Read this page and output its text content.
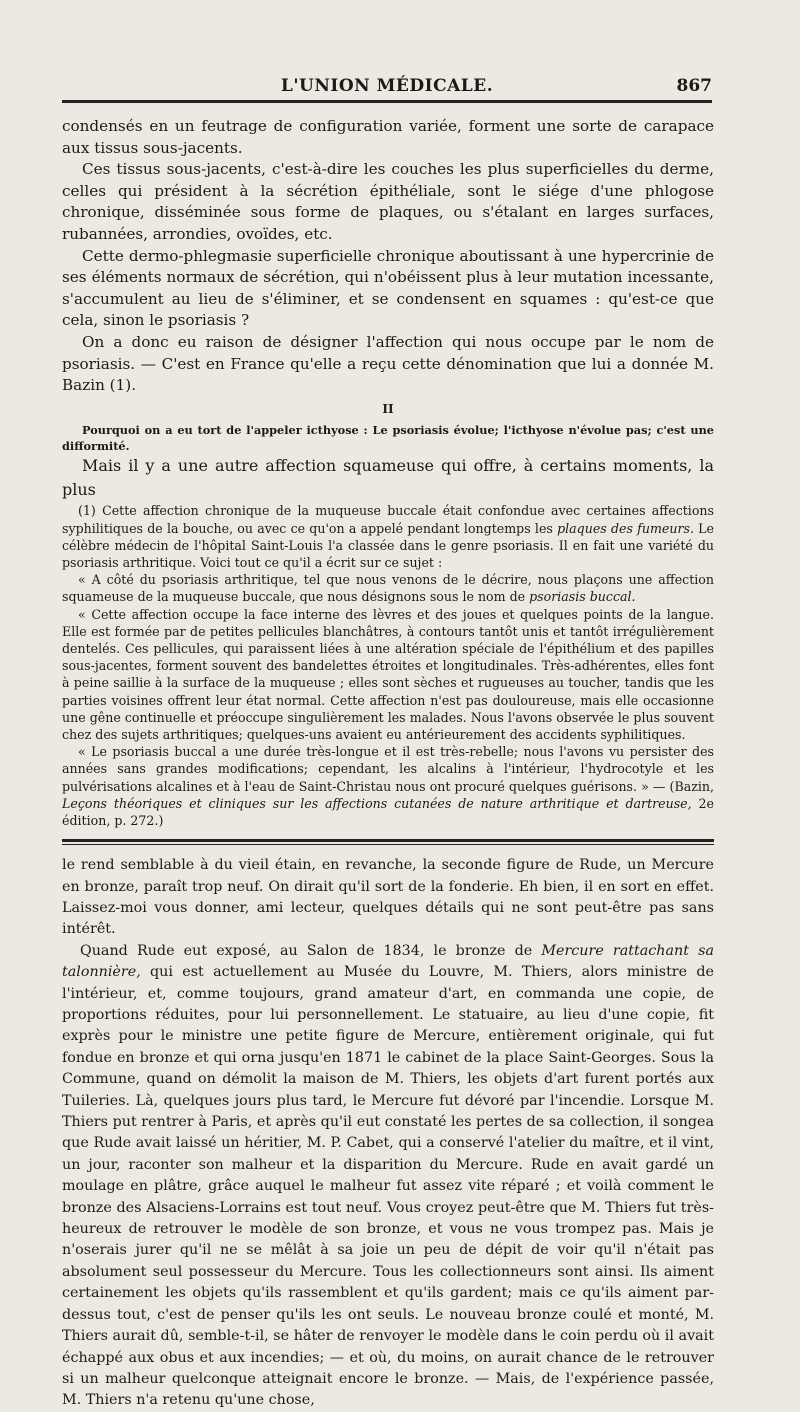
L'UNION MÉDICALE.	867

condensés en un feutrage de configuration variée, forment une sorte de carapace aux tissus sous-jacents.

Ces tissus sous-jacents, c'est-à-dire les couches les plus superficielles du derme, celles qui président à la sécrétion épithéliale, sont le siége d'une phlogose chronique, disséminée sous forme de plaques, ou s'étalant en larges surfaces, rubannées, arrondies, ovoïdes, etc.

Cette dermo-phlegmasie superficielle chronique aboutissant à une hypercrinie de ses éléments normaux de sécrétion, qui n'obéissent plus à leur mutation incessante, s'accumulent au lieu de s'éliminer, et se condensent en squames : qu'est-ce que cela, sinon le psoriasis ?

On a donc eu raison de désigner l'affection qui nous occupe par le nom de psoriasis. — C'est en France qu'elle a reçu cette dénomination que lui a donnée M. Bazin (1).

II

Pourquoi on a eu tort de l'appeler icthyose : Le psoriasis évolue; l'icthyose n'évolue pas; c'est une difformité.

Mais il y a une autre affection squameuse qui offre, à certains moments, la plus

(1) Cette affection chronique de la muqueuse buccale était confondue avec certaines affections syphilitiques de la bouche, ou avec ce qu'on a appelé pendant longtemps les plaques des fumeurs. Le célèbre médecin de l'hôpital Saint-Louis l'a classée dans le genre psoriasis. Il en fait une variété du psoriasis arthritique. Voici tout ce qu'il a écrit sur ce sujet :

« A côté du psoriasis arthritique, tel que nous venons de le décrire, nous plaçons une affection squameuse de la muqueuse buccale, que nous désignons sous le nom de psoriasis buccal.

« Cette affection occupe la face interne des lèvres et des joues et quelques points de la langue. Elle est formée par de petites pellicules blanchâtres, à contours tantôt unis et tantôt irrégulièrement dentelés. Ces pellicules, qui paraissent liées à une altération spéciale de l'épithélium et des papilles sous-jacentes, forment souvent des bandelettes étroites et longitudinales. Très-adhérentes, elles font à peine saillie à la surface de la muqueuse ; elles sont sèches et rugueuses au toucher, tandis que les parties voisines offrent leur état normal. Cette affection n'est pas douloureuse, mais elle occasionne une gêne continuelle et préoccupe singulièrement les malades. Nous l'avons observée le plus souvent chez des sujets arthritiques; quelques-uns avaient eu antérieurement des accidents syphilitiques.

« Le psoriasis buccal a une durée très-longue et il est très-rebelle; nous l'avons vu persister des années sans grandes modifications; cependant, les alcalins à l'intérieur, l'hydrocotyle et les pulvérisations alcalines et à l'eau de Saint-Christau nous ont procuré quelques guérisons. » — (Bazin, Leçons théoriques et cliniques sur les affections cutanées de nature arthritique et dartreuse, 2e édition, p. 272.)

le rend semblable à du vieil étain, en revanche, la seconde figure de Rude, un Mercure en bronze, paraît trop neuf. On dirait qu'il sort de la fonderie. Eh bien, il en sort en effet. Laissez-moi vous donner, ami lecteur, quelques détails qui ne sont peut-être pas sans intérêt.

Quand Rude eut exposé, au Salon de 1834, le bronze de Mercure rattachant sa talonnière, qui est actuellement au Musée du Louvre, M. Thiers, alors ministre de l'intérieur, et, comme toujours, grand amateur d'art, en commanda une copie, de proportions réduites, pour lui personnellement. Le statuaire, au lieu d'une copie, fit exprès pour le ministre une petite figure de Mercure, entièrement originale, qui fut fondue en bronze et qui orna jusqu'en 1871 le cabinet de la place Saint-Georges. Sous la Commune, quand on démolit la maison de M. Thiers, les objets d'art furent portés aux Tuileries. Là, quelques jours plus tard, le Mercure fut dévoré par l'incendie. Lorsque M. Thiers put rentrer à Paris, et après qu'il eut constaté les pertes de sa collection, il songea que Rude avait laissé un héritier, M. P. Cabet, qui a conservé l'atelier du maître, et il vint, un jour, raconter son malheur et la disparition du Mercure. Rude en avait gardé un moulage en plâtre, grâce auquel le malheur fut assez vite réparé ; et voilà comment le bronze des Alsaciens-Lorrains est tout neuf. Vous croyez peut-être que M. Thiers fut très-heureux de retrouver le modèle de son bronze, et vous ne vous trompez pas. Mais je n'oserais jurer qu'il ne se mêlât à sa joie un peu de dépit de voir qu'il n'était pas absolument seul possesseur du Mercure. Tous les collectionneurs sont ainsi. Ils aiment certainement les objets qu'ils rassemblent et qu'ils gardent; mais ce qu'ils aiment par-dessus tout, c'est de penser qu'ils les ont seuls. Le nouveau bronze coulé et monté, M. Thiers aurait dû, semble-t-il, se hâter de renvoyer le modèle dans le coin perdu où il avait échappé aux obus et aux incendies; — et où, du moins, on aurait chance de le retrouver si un malheur quelconque atteignait encore le bronze. — Mais, de l'expérience passée, M. Thiers n'a retenu qu'une chose,
